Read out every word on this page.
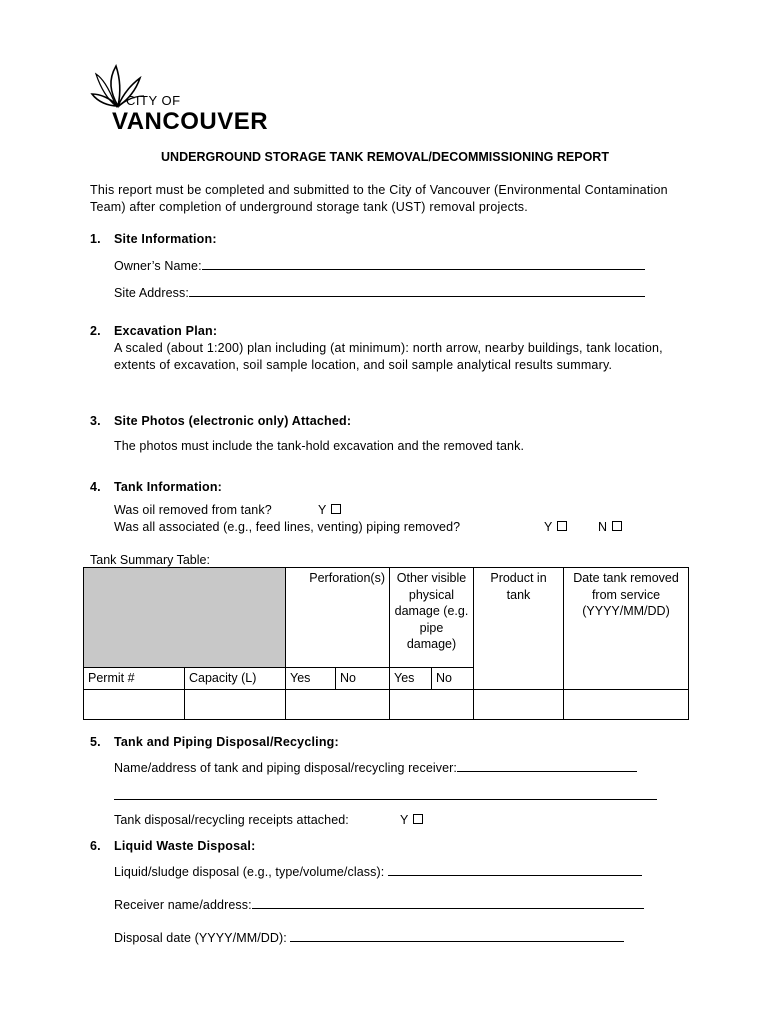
CITY OF
VANCOUVER
UNDERGROUND STORAGE TANK REMOVAL/DECOMMISSIONING REPORT
This report must be completed and submitted to the City of Vancouver (Environmental Contamination Team) after completion of underground storage tank (UST) removal projects.
1. Site Information:
Owner’s Name:
Site Address:
2. Excavation Plan:
A scaled (about 1:200) plan including (at minimum): north arrow, nearby buildings, tank location, extents of excavation, soil sample location, and soil sample analytical results summary.
3. Site Photos (electronic only) Attached:
The photos must include the tank-hold excavation and the removed tank.
4. Tank Information:
Was oil removed from tank?	Y
Was all associated (e.g., feed lines, venting) piping removed?	Y	N
Tank Summary Table:
		Perforation(s)		Other visible physical damage (e.g. pipe damage)		Product in tank	Date tank removed from service (YYYY/MM/DD)
Permit #	Capacity (L)	Yes	No	Yes	No		

5. Tank and Piping Disposal/Recycling:
Name/address of tank and piping disposal/recycling receiver:
Tank disposal/recycling receipts attached:	Y
6. Liquid Waste Disposal:
Liquid/sludge disposal (e.g., type/volume/class):
Receiver name/address:
Disposal date (YYYY/MM/DD):
